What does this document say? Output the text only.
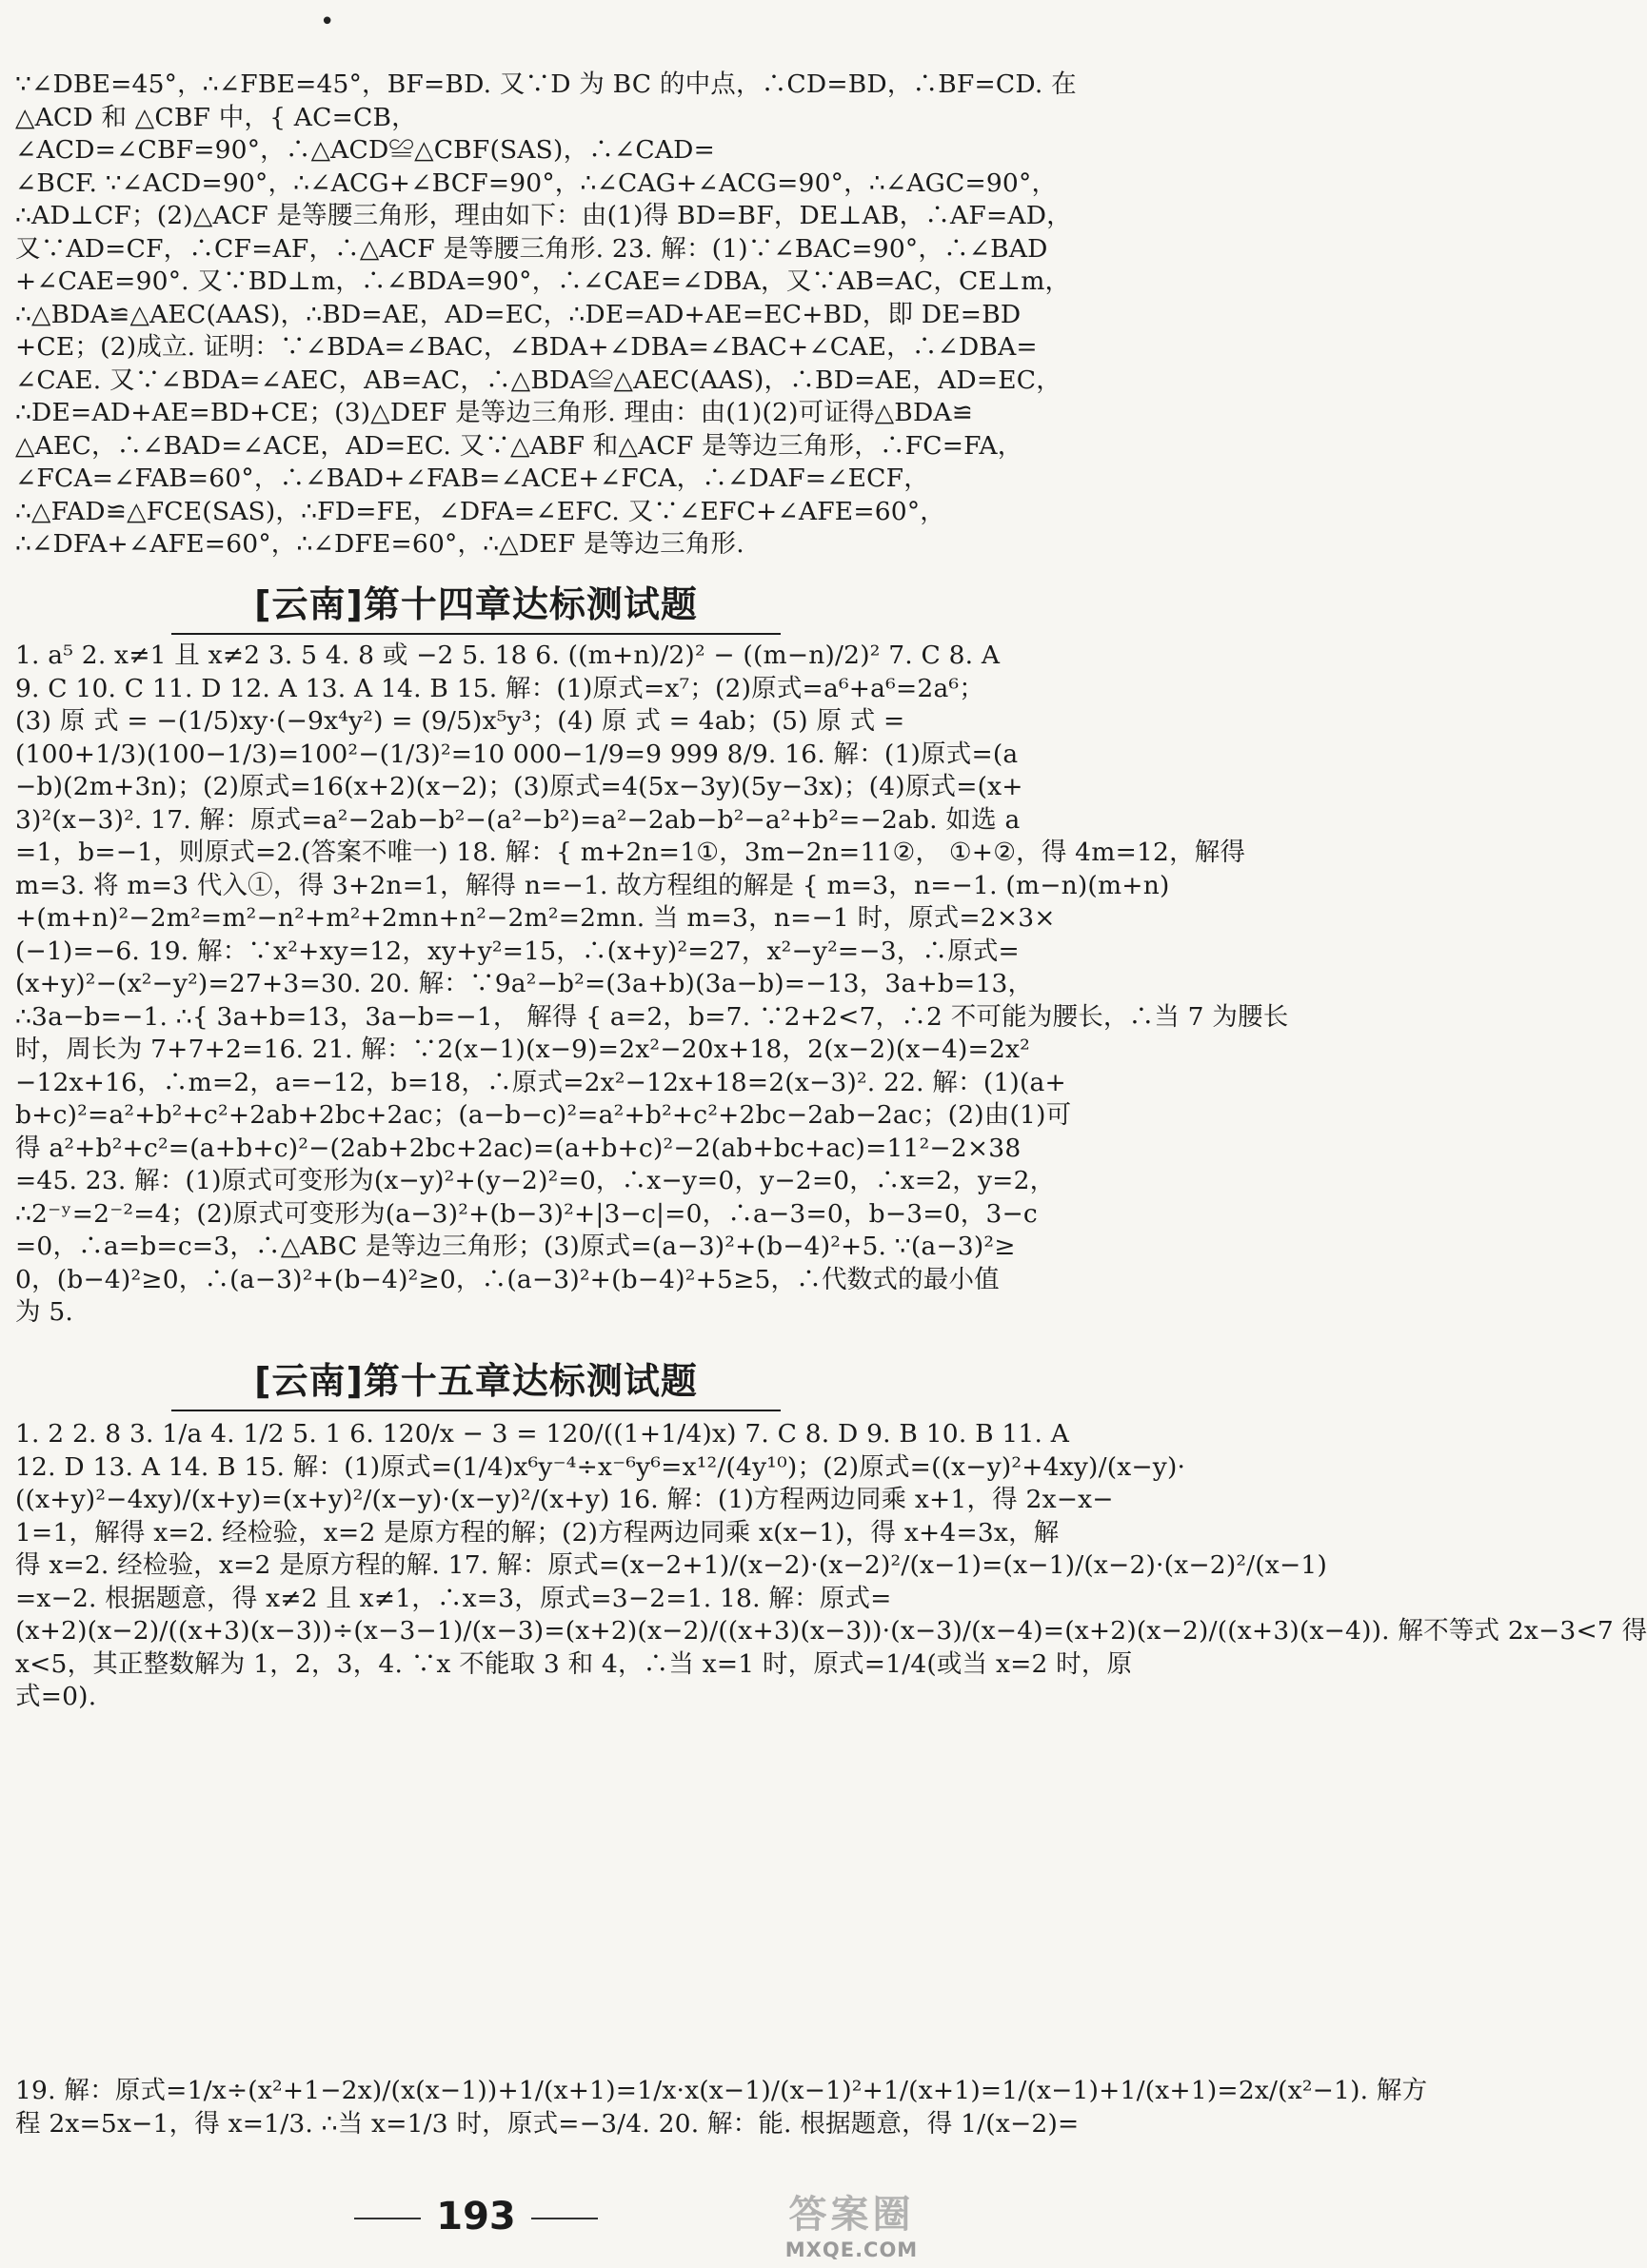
•
∵∠DBE=45°，∴∠FBE=45°，BF=BD. 又∵D 为 BC 的中点，∴CD=BD，∴BF=CD. 在
△ACD 和 △CBF 中，{ AC=CB，
∠ACD=∠CBF=90°，∴△ACD≌△CBF(SAS)，∴∠CAD=
∠BCF. ∵∠ACD=90°，∴∠ACG+∠BCF=90°，∴∠CAG+∠ACG=90°，∴∠AGC=90°，
∴AD⊥CF；(2)△ACF 是等腰三角形，理由如下：由(1)得 BD=BF，DE⊥AB，∴AF=AD，
又∵AD=CF，∴CF=AF，∴△ACF 是等腰三角形. 23. 解：(1)∵∠BAC=90°，∴∠BAD
+∠CAE=90°. 又∵BD⊥m，∴∠BDA=90°，∴∠CAE=∠DBA，又∵AB=AC，CE⊥m，
∴△BDA≌△AEC(AAS)，∴BD=AE，AD=EC，∴DE=AD+AE=EC+BD，即 DE=BD
+CE；(2)成立. 证明：∵∠BDA=∠BAC，∠BDA+∠DBA=∠BAC+∠CAE，∴∠DBA=
∠CAE. 又∵∠BDA=∠AEC，AB=AC，∴△BDA≌△AEC(AAS)，∴BD=AE，AD=EC，
∴DE=AD+AE=BD+CE；(3)△DEF 是等边三角形. 理由：由(1)(2)可证得△BDA≌
△AEC，∴∠BAD=∠ACE，AD=EC. 又∵△ABF 和△ACF 是等边三角形，∴FC=FA，
∠FCA=∠FAB=60°，∴∠BAD+∠FAB=∠ACE+∠FCA，∴∠DAF=∠ECF，
∴△FAD≌△FCE(SAS)，∴FD=FE，∠DFA=∠EFC. 又∵∠EFC+∠AFE=60°，
∴∠DFA+∠AFE=60°，∴∠DFE=60°，∴△DEF 是等边三角形.
[云南]第十四章达标测试题
1. a⁵ 2. x≠1 且 x≠2 3. 5 4. 8 或 −2 5. 18 6. ((m+n)/2)² − ((m−n)/2)² 7. C 8. A
9. C 10. C 11. D 12. A 13. A 14. B 15. 解：(1)原式=x⁷；(2)原式=a⁶+a⁶=2a⁶；
(3) 原 式 = −(1/5)xy·(−9x⁴y²) = (9/5)x⁵y³；(4) 原 式 = 4ab；(5) 原 式 =
(100+1/3)(100−1/3)=100²−(1/3)²=10 000−1/9=9 999 8/9. 16. 解：(1)原式=(a
−b)(2m+3n)；(2)原式=16(x+2)(x−2)；(3)原式=4(5x−3y)(5y−3x)；(4)原式=(x+
3)²(x−3)². 17. 解：原式=a²−2ab−b²−(a²−b²)=a²−2ab−b²−a²+b²=−2ab. 如选 a
=1，b=−1，则原式=2.(答案不唯一) 18. 解：{ m+2n=1①，3m−2n=11②， ①+②，得 4m=12，解得
m=3. 将 m=3 代入①，得 3+2n=1，解得 n=−1. 故方程组的解是 { m=3，n=−1. (m−n)(m+n)
+(m+n)²−2m²=m²−n²+m²+2mn+n²−2m²=2mn. 当 m=3，n=−1 时，原式=2×3×
(−1)=−6. 19. 解：∵x²+xy=12，xy+y²=15，∴(x+y)²=27，x²−y²=−3，∴原式=
(x+y)²−(x²−y²)=27+3=30. 20. 解：∵9a²−b²=(3a+b)(3a−b)=−13，3a+b=13，
∴3a−b=−1. ∴{ 3a+b=13，3a−b=−1， 解得 { a=2，b=7. ∵2+2<7，∴2 不可能为腰长，∴当 7 为腰长
时，周长为 7+7+2=16. 21. 解：∵2(x−1)(x−9)=2x²−20x+18，2(x−2)(x−4)=2x²
−12x+16，∴m=2，a=−12，b=18，∴原式=2x²−12x+18=2(x−3)². 22. 解：(1)(a+
b+c)²=a²+b²+c²+2ab+2bc+2ac；(a−b−c)²=a²+b²+c²+2bc−2ab−2ac；(2)由(1)可
得 a²+b²+c²=(a+b+c)²−(2ab+2bc+2ac)=(a+b+c)²−2(ab+bc+ac)=11²−2×38
=45. 23. 解：(1)原式可变形为(x−y)²+(y−2)²=0，∴x−y=0，y−2=0，∴x=2，y=2，
∴2⁻ʸ=2⁻²=4；(2)原式可变形为(a−3)²+(b−3)²+|3−c|=0，∴a−3=0，b−3=0，3−c
=0，∴a=b=c=3，∴△ABC 是等边三角形；(3)原式=(a−3)²+(b−4)²+5. ∵(a−3)²≥
0，(b−4)²≥0，∴(a−3)²+(b−4)²≥0，∴(a−3)²+(b−4)²+5≥5，∴代数式的最小值
为 5.
[云南]第十五章达标测试题
1. 2 2. 8 3. 1/a 4. 1/2 5. 1 6. 120/x − 3 = 120/((1+1/4)x) 7. C 8. D 9. B 10. B 11. A
12. D 13. A 14. B 15. 解：(1)原式=(1/4)x⁶y⁻⁴÷x⁻⁶y⁶=x¹²/(4y¹⁰)；(2)原式=((x−y)²+4xy)/(x−y)·
((x+y)²−4xy)/(x+y)=(x+y)²/(x−y)·(x−y)²/(x+y) 16. 解：(1)方程两边同乘 x+1，得 2x−x−
1=1，解得 x=2. 经检验，x=2 是原方程的解；(2)方程两边同乘 x(x−1)，得 x+4=3x，解
得 x=2. 经检验，x=2 是原方程的解. 17. 解：原式=(x−2+1)/(x−2)·(x−2)²/(x−1)=(x−1)/(x−2)·(x−2)²/(x−1)
=x−2. 根据题意，得 x≠2 且 x≠1，∴x=3，原式=3−2=1. 18. 解：原式=
(x+2)(x−2)/((x+3)(x−3))÷(x−3−1)/(x−3)=(x+2)(x−2)/((x+3)(x−3))·(x−3)/(x−4)=(x+2)(x−2)/((x+3)(x−4)). 解不等式 2x−3<7 得
x<5，其正整数解为 1，2，3，4. ∵x 不能取 3 和 4，∴当 x=1 时，原式=1/4(或当 x=2 时，原
式=0).
19. 解：原式=1/x÷(x²+1−2x)/(x(x−1))+1/(x+1)=1/x·x(x−1)/(x−1)²+1/(x+1)=1/(x−1)+1/(x+1)=2x/(x²−1). 解方
程 2x=5x−1，得 x=1/3. ∴当 x=1/3 时，原式=−3/4. 20. 解：能. 根据题意，得 1/(x−2)=
193	答案圈
MXQE.COM
